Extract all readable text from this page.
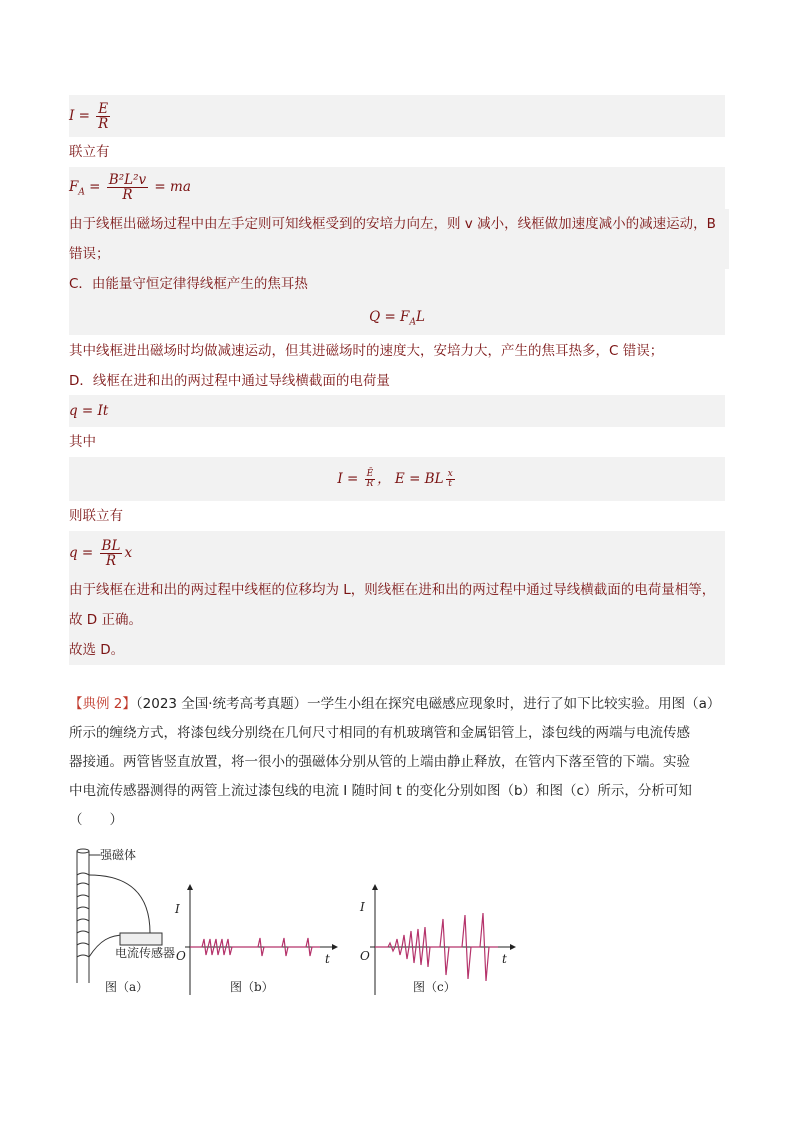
$I = \frac{E}{R}$
联立有
$F_A = \frac{\text{B²L²v}}{R}$ = ma
由于线框出磁场过程中由左手定则可知线框受到的安培力向左，则 v 减小，线框做加速度减小的减速运动，B
错误；
C．由能量守恒定律得线框产生的焦耳热
$Q = F_AL$
其中线框进出磁场时均做减速运动，但其进磁场时的速度大，安培力大，产生的焦耳热多，C 错误；
D．线框在进和出的两过程中通过导线横截面的电荷量
q = It
其中
$I = \frac{Ē}{R}$ ， E = BL $\frac{x}{t}$
则联立有
$q = \frac{BL}{R}$ x
由于线框在进和出的两过程中线框的位移均为 L，则线框在进和出的两过程中通过导线横截面的电荷量相等，
故 D 正确。
故选 D。
【典例 2】（2023 全国·统考高考真题）一学生小组在探究电磁感应现象时，进行了如下比较实验。用图（a）
所示的缠绕方式，将漆包线分别绕在几何尺寸相同的有机玻璃管和金属铝管上，漆包线的两端与电流传感
器接通。两管皆竖直放置，将一很小的强磁体分别从管的上端由静止释放，在管内下落至管的下端。实验
中电流传感器测得的两管上流过漆包线的电流 I 随时间 t 的变化分别如图（b）和图（c）所示，分析可知
（　　）
强磁体
电流传感器
图（a）
I
t
O
图（b）
I
t
O
图（c）
